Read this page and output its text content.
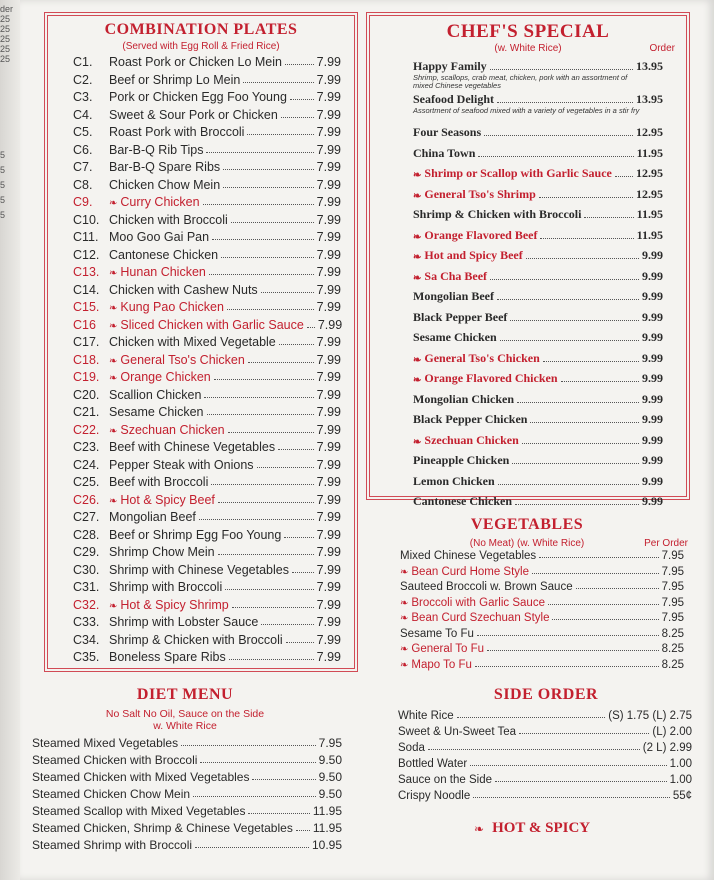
der
25
25
25
25
25
5
5
5
5
5
COMBINATION PLATES
(Served with Egg Roll & Fried Rice)
C1.	Roast Pork or Chicken Lo Mein	7.99
C2.	Beef or Shrimp Lo Mein	7.99
C3.	Pork or Chicken Egg Foo Young 7.99
C4.	Sweet & Sour Pork or Chicken	7.99
C5.	Roast Pork with Broccoli	7.99
C6.	Bar-B-Q Rib Tips	7.99
C7.	Bar-B-Q Spare Ribs	7.99
C8.	Chicken Chow Mein	7.99
C9.	❧ Curry Chicken	7.99
C10. Chicken with Broccoli	7.99
C11. Moo Goo Gai Pan	7.99
C12. Cantonese Chicken	7.99
C13. ❧ Hunan Chicken	7.99
C14. Chicken with Cashew Nuts	7.99
C15. ❧ Kung Pao Chicken	7.99
C16	❧ Sliced Chicken with Garlic Sauce 7.99
C17. Chicken with Mixed Vegetable	7.99
C18. ❧ General Tso's Chicken	7.99
C19. ❧ Orange Chicken	7.99
C20. Scallion Chicken	7.99
C21. Sesame Chicken	7.99
C22. ❧ Szechuan Chicken	7.99
C23. Beef with Chinese Vegetables	7.99
C24. Pepper Steak with Onions	7.99
C25. Beef with Broccoli	7.99
C26. ❧ Hot & Spicy Beef	7.99
C27. Mongolian Beef	7.99
C28. Beef or Shrimp Egg Foo Young	7.99
C29. Shrimp Chow Mein	7.99
C30. Shrimp with Chinese Vegetables 7.99
C31. Shrimp with Broccoli	7.99
C32. ❧ Hot & Spicy Shrimp	7.99
C33. Shrimp with Lobster Sauce	7.99
C34. Shrimp & Chicken with Broccoli	7.99
C35. Boneless Spare Ribs	7.99
CHEF'S SPECIAL
(w. White Rice)	Order
Happy Family	13.95
Shrimp, scallops, crab meat, chicken, pork with an assortment of mixed Chinese vegetables
Seafood Delight	13.95
Assortment of seafood mixed with a variety of vegetables in a stir fry
Four Seasons	12.95
China Town	11.95
❧ Shrimp or Scallop with Garlic Sauce 12.95
❧ General Tso's Shrimp	12.95
Shrimp & Chicken with Broccoli	11.95
❧ Orange Flavored Beef	11.95
❧ Hot and Spicy Beef	9.99
❧ Sa Cha Beef	9.99
Mongolian Beef	9.99
Black Pepper Beef	9.99
Sesame Chicken	9.99
❧ General Tso's Chicken	9.99
❧ Orange Flavored Chicken	9.99
Mongolian Chicken	9.99
Black Pepper Chicken	9.99
❧ Szechuan Chicken	9.99
Pineapple Chicken	9.99
Lemon Chicken	9.99
Cantonese Chicken	9.99
VEGETABLES
(No Meat) (w. White Rice)	Per Order
Mixed Chinese Vegetables	7.95
❧ Bean Curd Home Style	7.95
Sauteed Broccoli w. Brown Sauce	7.95
❧ Broccoli with Garlic Sauce	7.95
❧ Bean Curd Szechuan Style	7.95
Sesame To Fu	8.25
❧ General To Fu	8.25
❧ Mapo To Fu	8.25
DIET MENU
No Salt No Oil, Sauce on the Side
w. White Rice
Steamed Mixed Vegetables	7.95
Steamed Chicken with Broccoli	9.50
Steamed Chicken with Mixed Vegetables	9.50
Steamed Chicken Chow Mein	9.50
Steamed Scallop with Mixed Vegetables	11.95
Steamed Chicken, Shrimp & Chinese Vegetables 11.95
Steamed Shrimp with Broccoli	10.95
SIDE ORDER
White Rice	(S) 1.75 (L) 2.75
Sweet & Un-Sweet Tea	(L) 2.00
Soda	(2 L) 2.99
Bottled Water	1.00
Sauce on the Side	1.00
Crispy Noodle	55¢
❧ HOT & SPICY
